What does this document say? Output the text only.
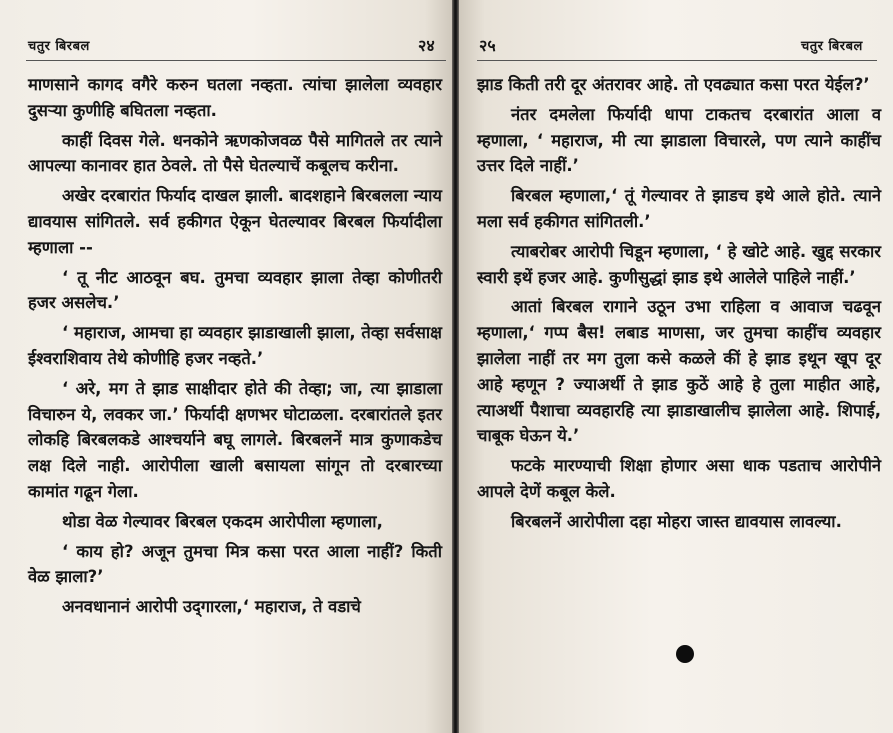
चतुर बिरबल	२४

माणसाने कागद वगैरे करुन घतला नव्हता. त्यांचा झालेला व्यवहार दुसऱ्या कुणीहि बघितला नव्हता.

काहीं दिवस गेले. धनकोने ऋणकोजवळ पैसे मागितले तर त्याने आपल्या कानावर हात ठेवले. तो पैसे घेतल्याचें कबूलच करीना.

अखेर दरबारांत फिर्याद दाखल झाली. बादशहाने बिरबलला न्याय द्यावयास सांगितले. सर्व हकीगत ऐकून घेतल्यावर बिरबल फिर्यादीला म्हणाला --

‘ तू नीट आठवून बघ. तुमचा व्यवहार झाला तेव्हा कोणीतरी हजर असलेच.’

‘ महाराज, आमचा हा व्यवहार झाडाखाली झाला, तेव्हा सर्वसाक्ष ईश्वराशिवाय तेथे कोणीहि हजर नव्हते.’

‘ अरे, मग ते झाड साक्षीदार होते की तेव्हा; जा, त्या झाडाला विचारुन ये, लवकर जा.’ फिर्यादी क्षणभर घोटाळला. दरबारांतले इतर लोकहि बिरबलकडे आश्चर्याने बघू लागले. बिरबलनें मात्र कुणाकडेच लक्ष दिले नाही. आरोपीला खाली बसायला सांगून तो दरबारच्या कामांत गढून गेला.

थोडा वेळ गेल्यावर बिरबल एकदम आरोपीला म्हणाला,

‘ काय हो? अजून तुमचा मित्र कसा परत आला नाहीं? किती वेळ झाला?’

अनवधानानं आरोपी उद्‌गारला,‘ महाराज, ते वडाचे

२५	चतुर बिरबल

झाड किती तरी दूर अंतरावर आहे. तो एवढ्यात कसा परत येईल?’

नंतर दमलेला फिर्यादी धापा टाकतच दरबारांत आला व म्हणाला, ‘ महाराज, मी त्या झाडाला विचारले, पण त्याने काहींच उत्तर दिले नाहीं.’

बिरबल म्हणाला,‘ तूं गेल्यावर ते झाडच इथे आले होते. त्याने मला सर्व हकीगत सांगितली.’

त्याबरोबर आरोपी चिडून म्हणाला, ‘ हे खोटे आहे. खुद्द सरकार स्वारी इथें हजर आहे. कुणीसुद्धां झाड इथे आलेले पाहिले नाहीं.’

आतां बिरबल रागाने उठून उभा राहिला व आवाज चढवून म्हणाला,‘ गप्प बैस! लबाड माणसा, जर तुमचा काहींच व्यवहार झालेला नाहीं तर मग तुला कसे कळले कीं हे झाड इथून खूप दूर आहे म्हणून ? ज्याअर्थी ते झाड कुठें आहे हे तुला माहीत आहे, त्याअर्थी पैशाचा व्यवहारहि त्या झाडाखालीच झालेला आहे. शिपाई, चाबूक घेऊन ये.’

फटके मारण्याची शिक्षा होणार असा धाक पडताच आरोपीने आपले देणें कबूल केले.

बिरबलनें आरोपीला दहा मोहरा जास्त द्यावयास लावल्या.
